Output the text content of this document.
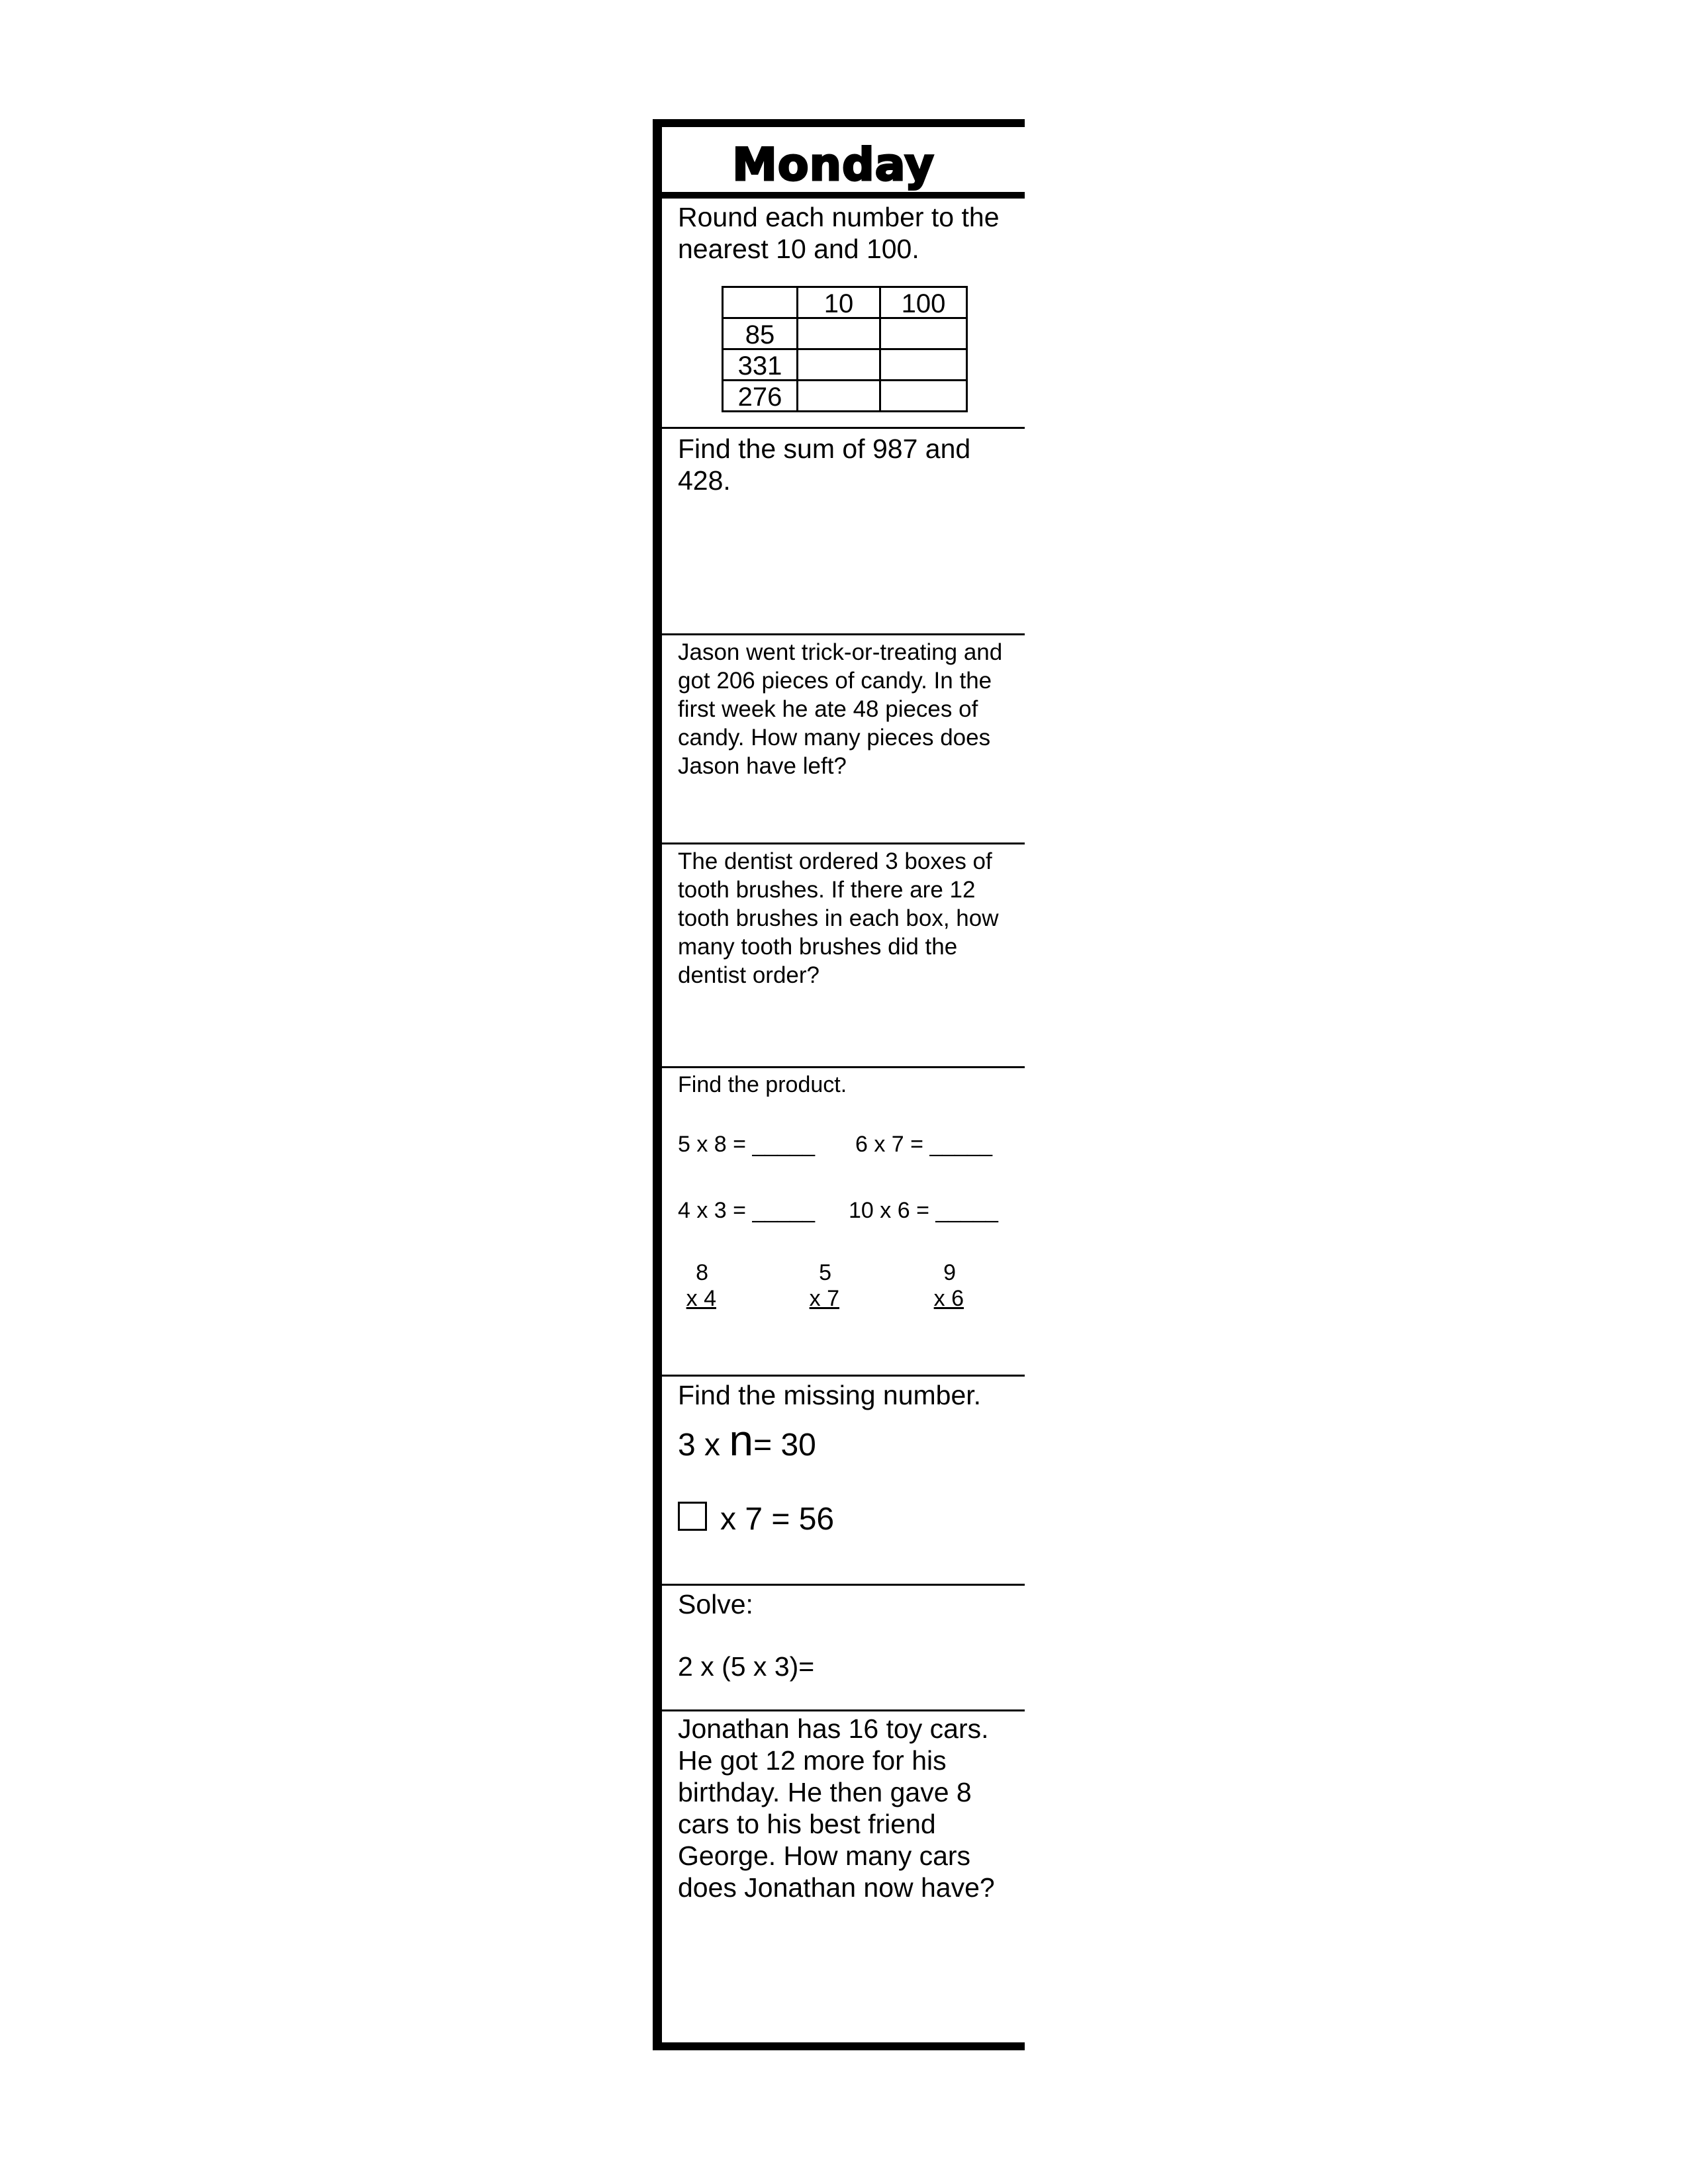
Monday

Round each number to the nearest 10 and 100.

	10	100
85		
331		
276		

Find the sum of 987 and 428.

Jason went trick-or-treating and got 206 pieces of candy. In the first week he ate 48 pieces of candy. How many pieces does Jason have left?

The dentist ordered 3 boxes of tooth brushes. If there are 12 tooth brushes in each box, how many tooth brushes did the dentist order?

Find the product.

5 x 8 = _____ 6 x 7 = _____
4 x 3 = _____ 10 x 6 = _____
8
x 4
5
x 7
9
x 6

Find the missing number.

3 x n= 30
x 7 = 56

Solve:

2 x (5 x 3)=

Jonathan has 16 toy cars. He got 12 more for his birthday. He then gave 8 cars to his best friend George. How many cars does Jonathan now have?
